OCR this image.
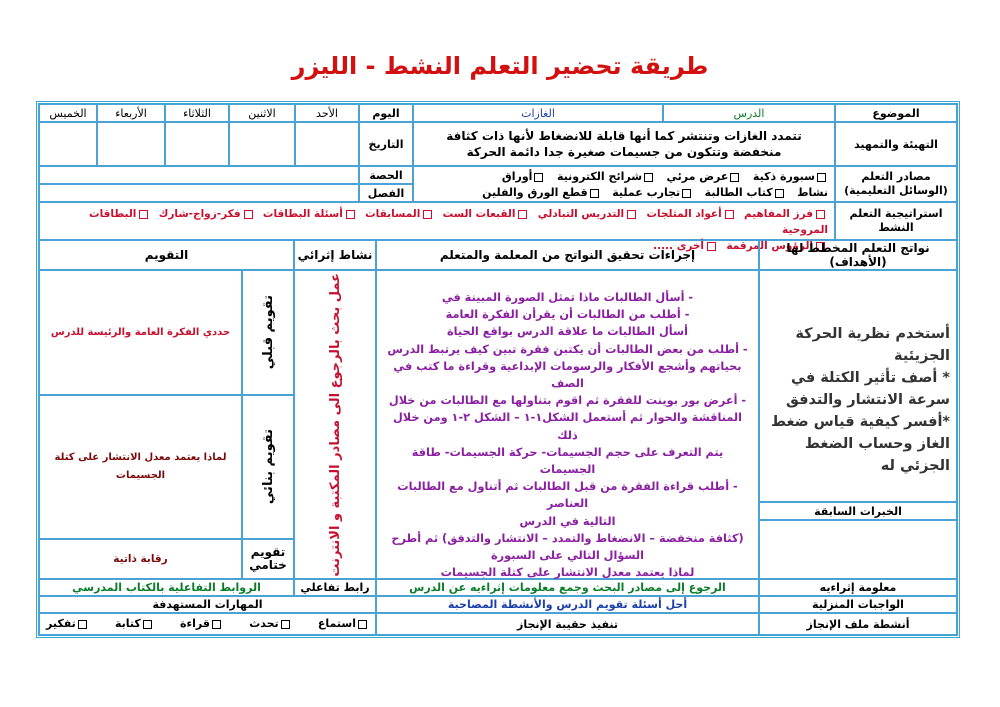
طريقة تحضير التعلم النشط - الليزر
الموضوع
الدرس
الغازات
اليوم
الأحد
الاثنين
الثلاثاء
الأربعاء
الخميس
التهيئة والتمهيد
تتمدد الغازات وتنتشر كما أنها قابلة للانضغاط لأنها ذات كثافة منخفضة وتتكون من جسيمات صغيرة جدا دائمة الحركة
التاريخ
مصادر التعلم (الوسائل التعليمية)
سبورة ذكية   عرض مرئي   شرائح الكترونية   أوراق
نشاط   كتاب الطالبة   تجارب عملية   قطع الورق والفلين
الحصة
الفصل
استراتيجية التعلم النشط
فرز المفاهيم  أعواد المثلجات  التدريس التبادلي  القبعات الست  المسابقات  أسئلة البطاقات  فكر-زواج-شارك  البطاقات المروحية
الرؤوس المرقمة  أخرى .....	نواتج التعلم المخطط لها (الأهداف)
إجراءات تحقيق النواتج من المعلمة والمتعلم
نشاط إثرائي
التقويم
أستخدم نظرية الحركة الجزيئية
* أصف تأثير الكتلة في سرعة الانتشار والتدفق
*أفسر كيفية قياس ضغط الغاز وحساب الضغط الجزئي له
الخبرات السابقة
- أسأل الطالبات ماذا تمثل الصورة المبينة في
- أطلب من الطالبات أن يقرأن الفكرة العامة
أسأل الطالبات ما علاقة الدرس بواقع الحياة
- أطلب من بعض الطالبات أن يكتبن فقرة تبين كيف يرتبط الدرس
بحياتهم وأشجع الأفكار والرسومات الإبداعية وقراءة ما كتب في
الصف
- أعرض بور بوينت للفقرة ثم اقوم بتناولها مع الطالبات من خلال
المناقشة والحوار ثم أستعمل الشكل١-١ – الشكل ٢-١ ومن خلال ذلك
يتم التعرف على حجم الجسيمات- حركة الجسيمات- طاقة الجسيمات
- أطلب قراءة الفقرة من قبل الطالبات ثم أتناول مع الطالبات العناصر
التالية في الدرس
(كثافة منخفضة – الانضغاط والتمدد – الانتشار والتدفق) ثم أطرح
السؤال التالي على السبورة
لماذا يعتمد معدل الانتشار على كتلة الجسيمات
عمل بحث بالرجوع الى مصادر المكتبة و الانترنت
تقويم قبلي
حددي الفكرة العامة والرئيسة للدرس
تقويم بنائي
لماذا يعتمد معدل الانتشار على كتلة الجسيمات
تقويم ختامي
رقابة ذاتية
معلومة إثراءيه
الرجوع إلى مصادر البحث وجمع معلومات إثراءيه عن الدرس
رابط تفاعلي
الروابط التفاعلية بالكتاب المدرسي
الواجبات المنزلية
أحل أسئلة تقويم الدرس والأنشطة المصاحبة
المهارات المستهدفة
أنشطة ملف الإنجاز
تنفيذ حقيبة الإنجاز
استماع
تحدث
قراءة
كتابة
تفكير
